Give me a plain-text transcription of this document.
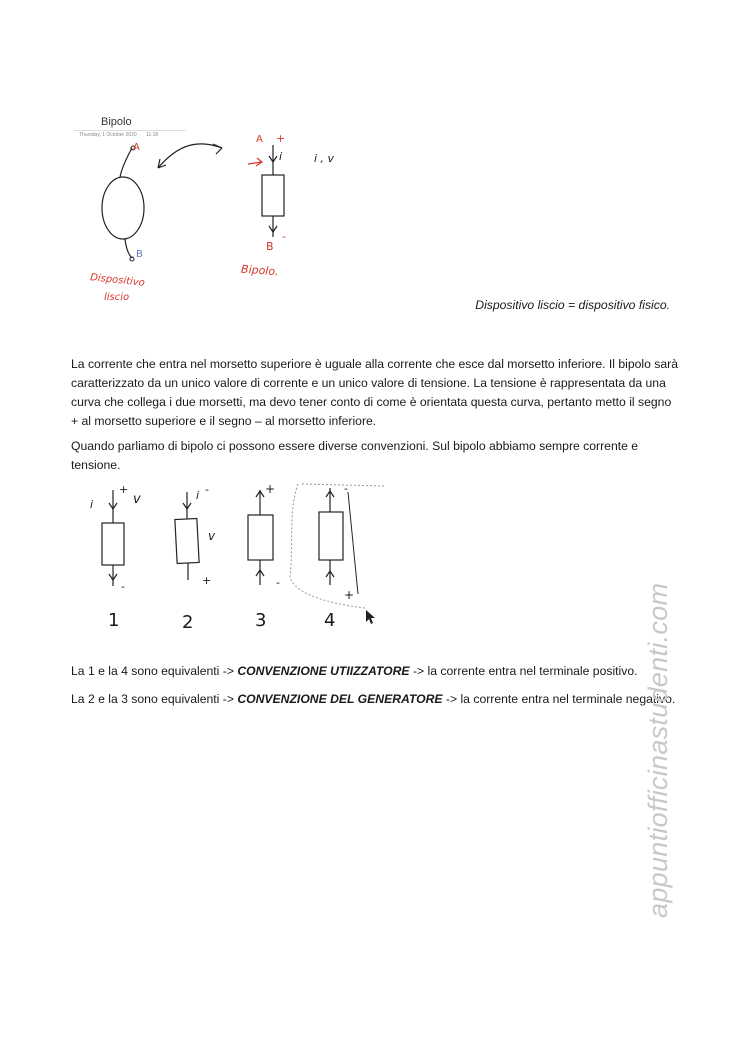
Bipolo
Thursday, 1 October 2020 11:18
A
B
Dispositivo
liscio
A +
i
-
B
Bipolo.
i , v
Dispositivo liscio = dispositivo fisico.

La corrente che entra nel morsetto superiore è uguale alla corrente che esce dal morsetto inferiore. Il bipolo sarà caratterizzato da un unico valore di corrente e un unico valore di tensione. La tensione è rappresentata da una curva che collega i due morsetti, ma devo tener conto di come è orientata questa curva, pertanto metto il segno + al morsetto superiore e il segno – al morsetto inferiore.

Quando parliamo di bipolo ci possono essere diverse convenzioni. Sul bipolo abbiamo sempre corrente e tensione.

i
+
v
-
1
i -
v
+
2
+
-
3
-
+
4
La 1 e la 4 sono equivalenti -> CONVENZIONE UTIIZZATORE -> la corrente entra nel terminale positivo.
La 2 e la 3 sono equivalenti -> CONVENZIONE DEL GENERATORE -> la corrente entra nel terminale negativo.
appuntiofficinastudenti.com
